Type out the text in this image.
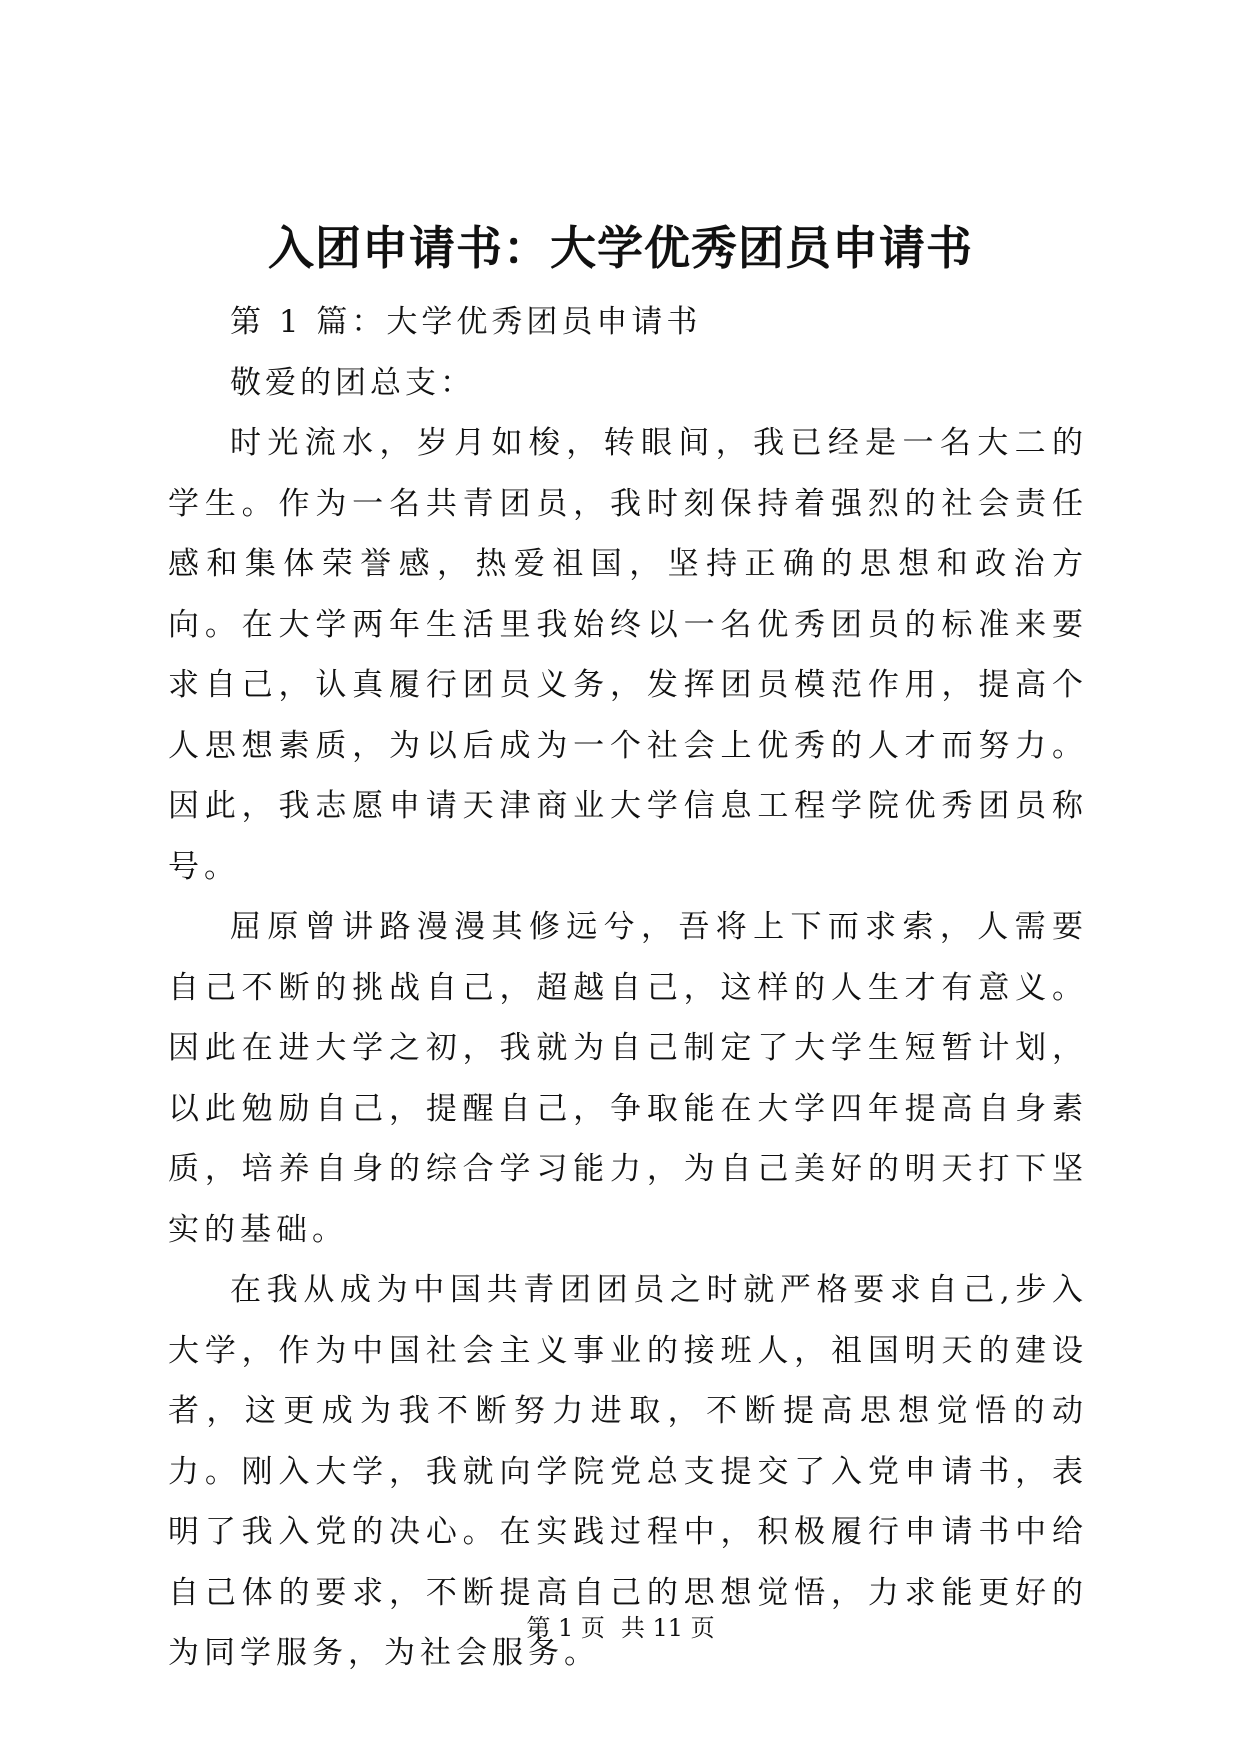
入团申请书：大学优秀团员申请书

第 1 篇：大学优秀团员申请书

敬爱的团总支：

时光流水，岁月如梭，转眼间，我已经是一名大二的学生。作为一名共青团员，我时刻保持着强烈的社会责任感和集体荣誉感，热爱祖国，坚持正确的思想和政治方向。在大学两年生活里我始终以一名优秀团员的标准来要求自己，认真履行团员义务，发挥团员模范作用，提高个人思想素质，为以后成为一个社会上优秀的人才而努力。因此，我志愿申请天津商业大学信息工程学院优秀团员称号。

屈原曾讲路漫漫其修远兮，吾将上下而求索，人需要自己不断的挑战自己，超越自己，这样的人生才有意义。因此在进大学之初，我就为自己制定了大学生短暂计划，以此勉励自己，提醒自己，争取能在大学四年提高自身素质，培养自身的综合学习能力，为自己美好的明天打下坚实的基础。

在我从成为中国共青团团员之时就严格要求自己,步入大学，作为中国社会主义事业的接班人，祖国明天的建设者，这更成为我不断努力进取，不断提高思想觉悟的动力。刚入大学，我就向学院党总支提交了入党申请书，表明了我入党的决心。在实践过程中，积极履行申请书中给自己体的要求，不断提高自己的思想觉悟，力求能更好的为同学服务，为社会服务。

第 1 页 共 11 页
